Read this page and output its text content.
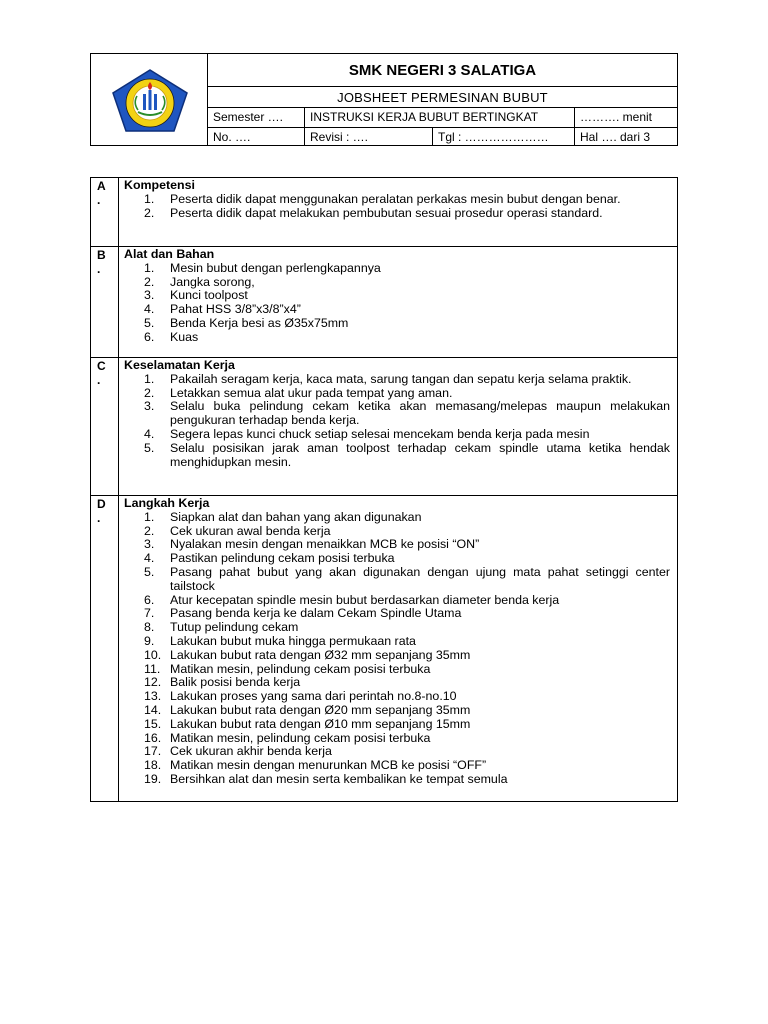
SMK NEGERI 3 SALATIGA
JOBSHEET PERMESINAN BUBUT
Semester ….	INSTRUKSI KERJA BUBUT BERTINGKAT	………. menit
No. ….	Revisi : ….	Tgl : …………………	Hal …. dari 3
A
.
Kompetensi
1.	Peserta didik dapat menggunakan peralatan perkakas mesin bubut dengan benar.
2.	Peserta didik dapat melakukan pembubutan sesuai prosedur operasi standard.
B
.
Alat dan Bahan
1.	Mesin bubut dengan perlengkapannya
2.	Jangka sorong,
3.	Kunci toolpost
4.	Pahat HSS 3/8”x3/8”x4”
5.	Benda Kerja besi as Ø35x75mm
6.	Kuas
C
.
Keselamatan Kerja
1.	Pakailah seragam kerja, kaca mata, sarung tangan dan sepatu kerja selama praktik.
2.	Letakkan semua alat ukur pada tempat yang aman.
3.	Selalu buka pelindung cekam ketika akan memasang/melepas maupun melakukan pengukuran terhadap benda kerja.
4.	Segera lepas kunci chuck setiap selesai mencekam benda kerja pada mesin
5.	Selalu posisikan jarak aman toolpost terhadap cekam spindle utama ketika hendak menghidupkan mesin.
D
.
Langkah Kerja
1.	Siapkan alat dan bahan yang akan digunakan
2.	Cek ukuran awal benda kerja
3.	Nyalakan mesin dengan menaikkan MCB ke posisi “ON”
4.	Pastikan pelindung cekam posisi terbuka
5.	Pasang pahat bubut yang akan digunakan dengan ujung mata pahat setinggi center tailstock
6.	Atur kecepatan spindle mesin bubut berdasarkan diameter benda kerja
7.	Pasang benda kerja ke dalam Cekam Spindle Utama
8.	Tutup pelindung cekam
9.	Lakukan bubut muka hingga permukaan rata
10. Lakukan bubut rata dengan Ø32 mm sepanjang 35mm
11. Matikan mesin, pelindung cekam posisi terbuka
12. Balik posisi benda kerja
13. Lakukan proses yang sama dari perintah no.8-no.10
14. Lakukan bubut rata dengan Ø20 mm sepanjang 35mm
15. Lakukan bubut rata dengan Ø10 mm sepanjang 15mm
16. Matikan mesin, pelindung cekam posisi terbuka
17. Cek ukuran akhir benda kerja
18. Matikan mesin dengan menurunkan MCB ke posisi “OFF”
19. Bersihkan alat dan mesin serta kembalikan ke tempat semula
